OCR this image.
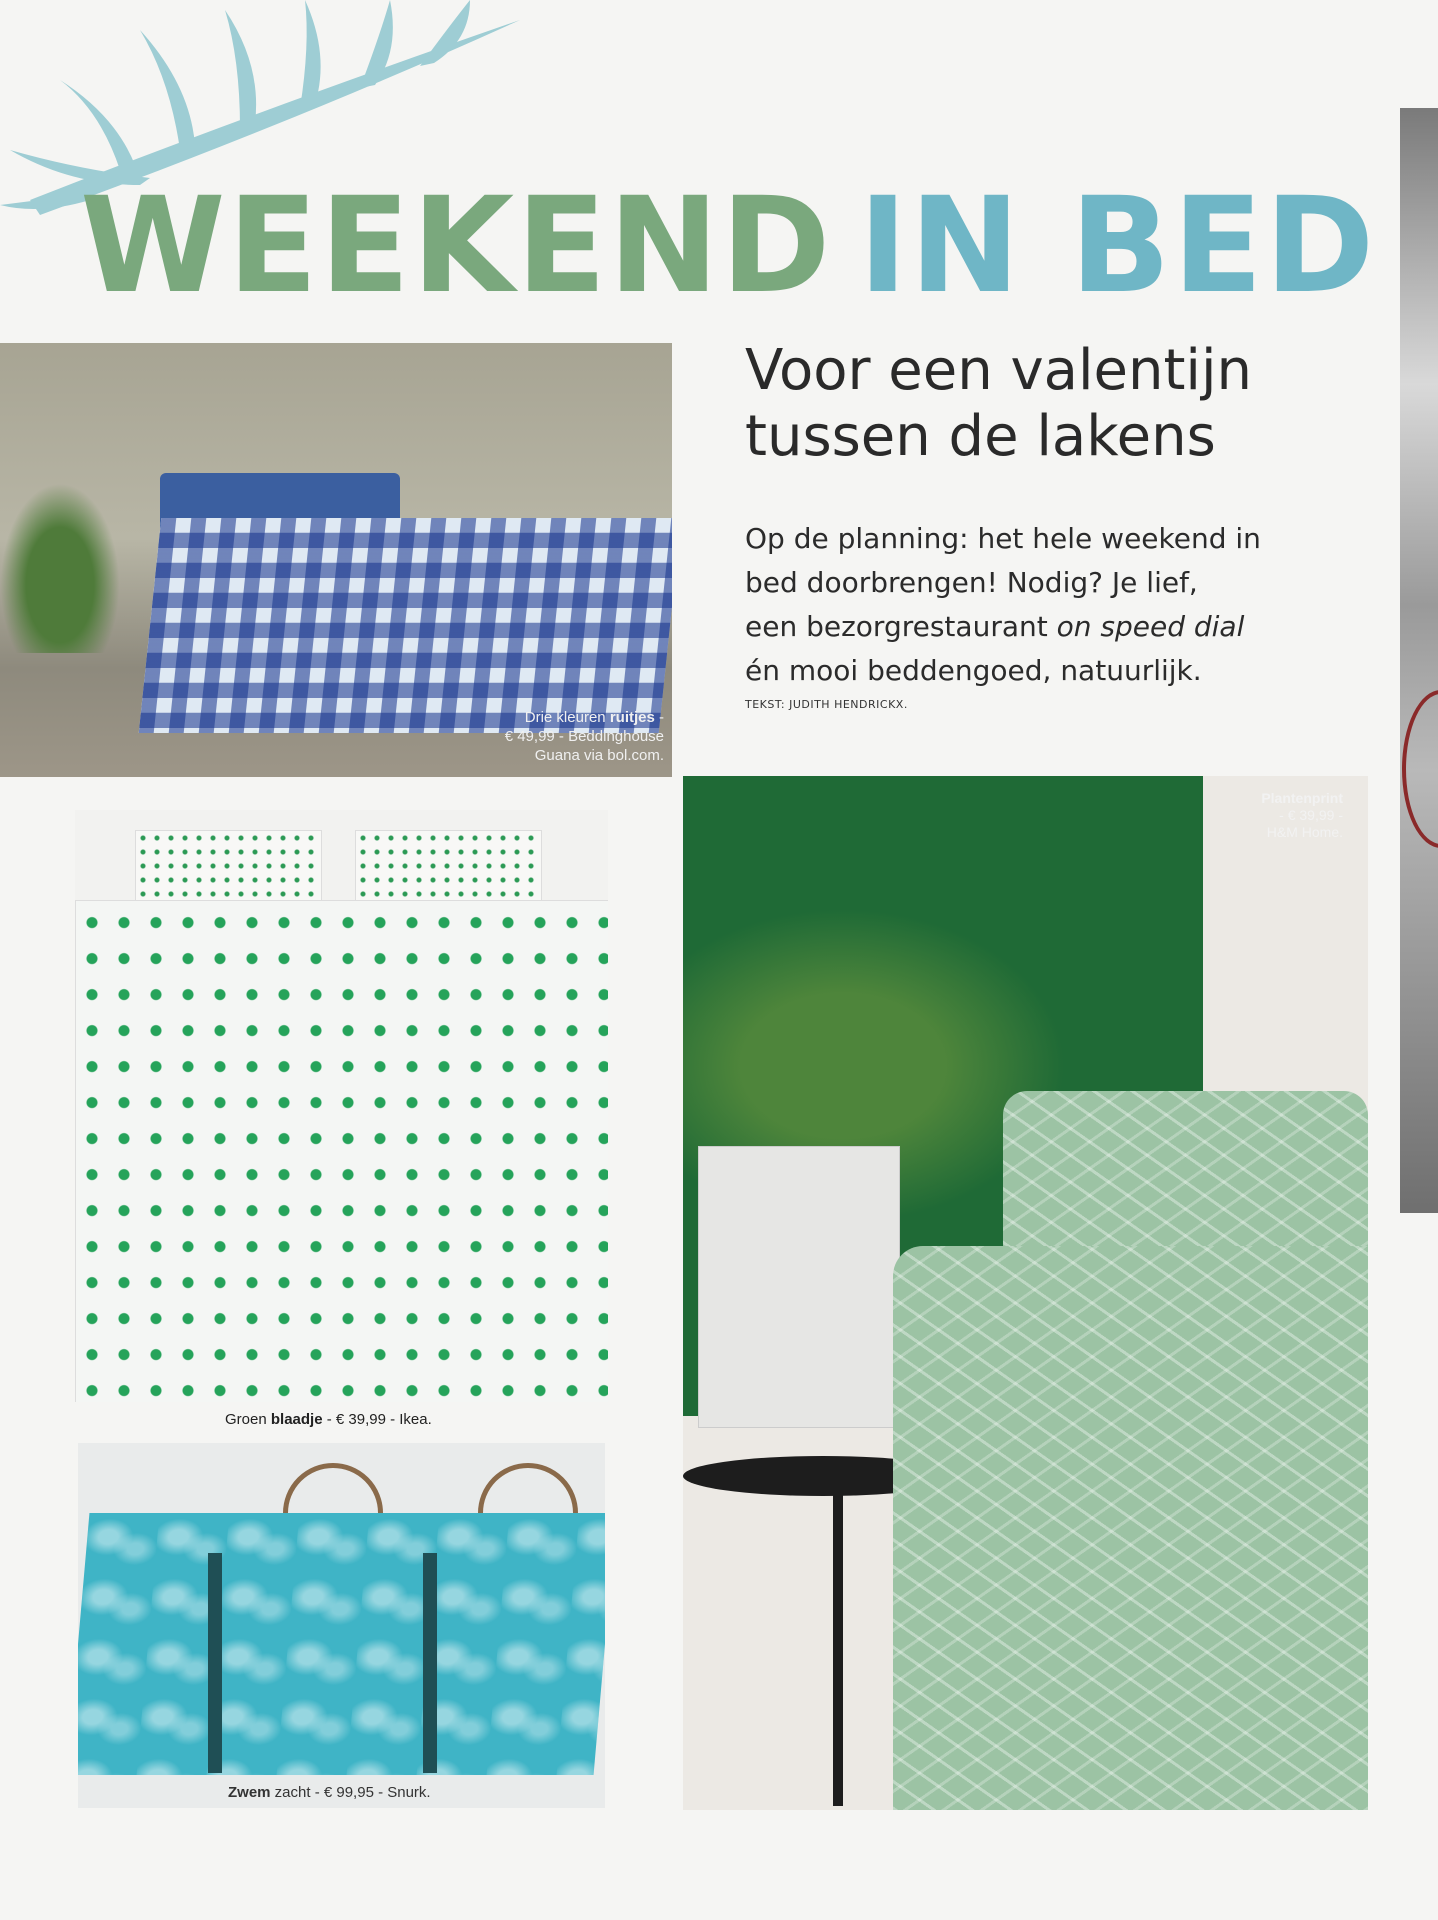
WEEKEND IN BED
Voor een valentijn
tussen de lakens
Op de planning: het hele weekend in
bed doorbrengen! Nodig? Je lief,
een bezorgrestaurant on speed dial
én mooi beddengoed, natuurlijk.
TEKST: JUDITH HENDRICKX.
Drie kleuren ruitjes -
€ 49,99 - Beddinghouse
Guana via bol.com.
Groen blaadje - € 39,99 - Ikea.
Zwem zacht - € 99,95 - Snurk.
Plantenprint
- € 39,99 -
H&M Home.
